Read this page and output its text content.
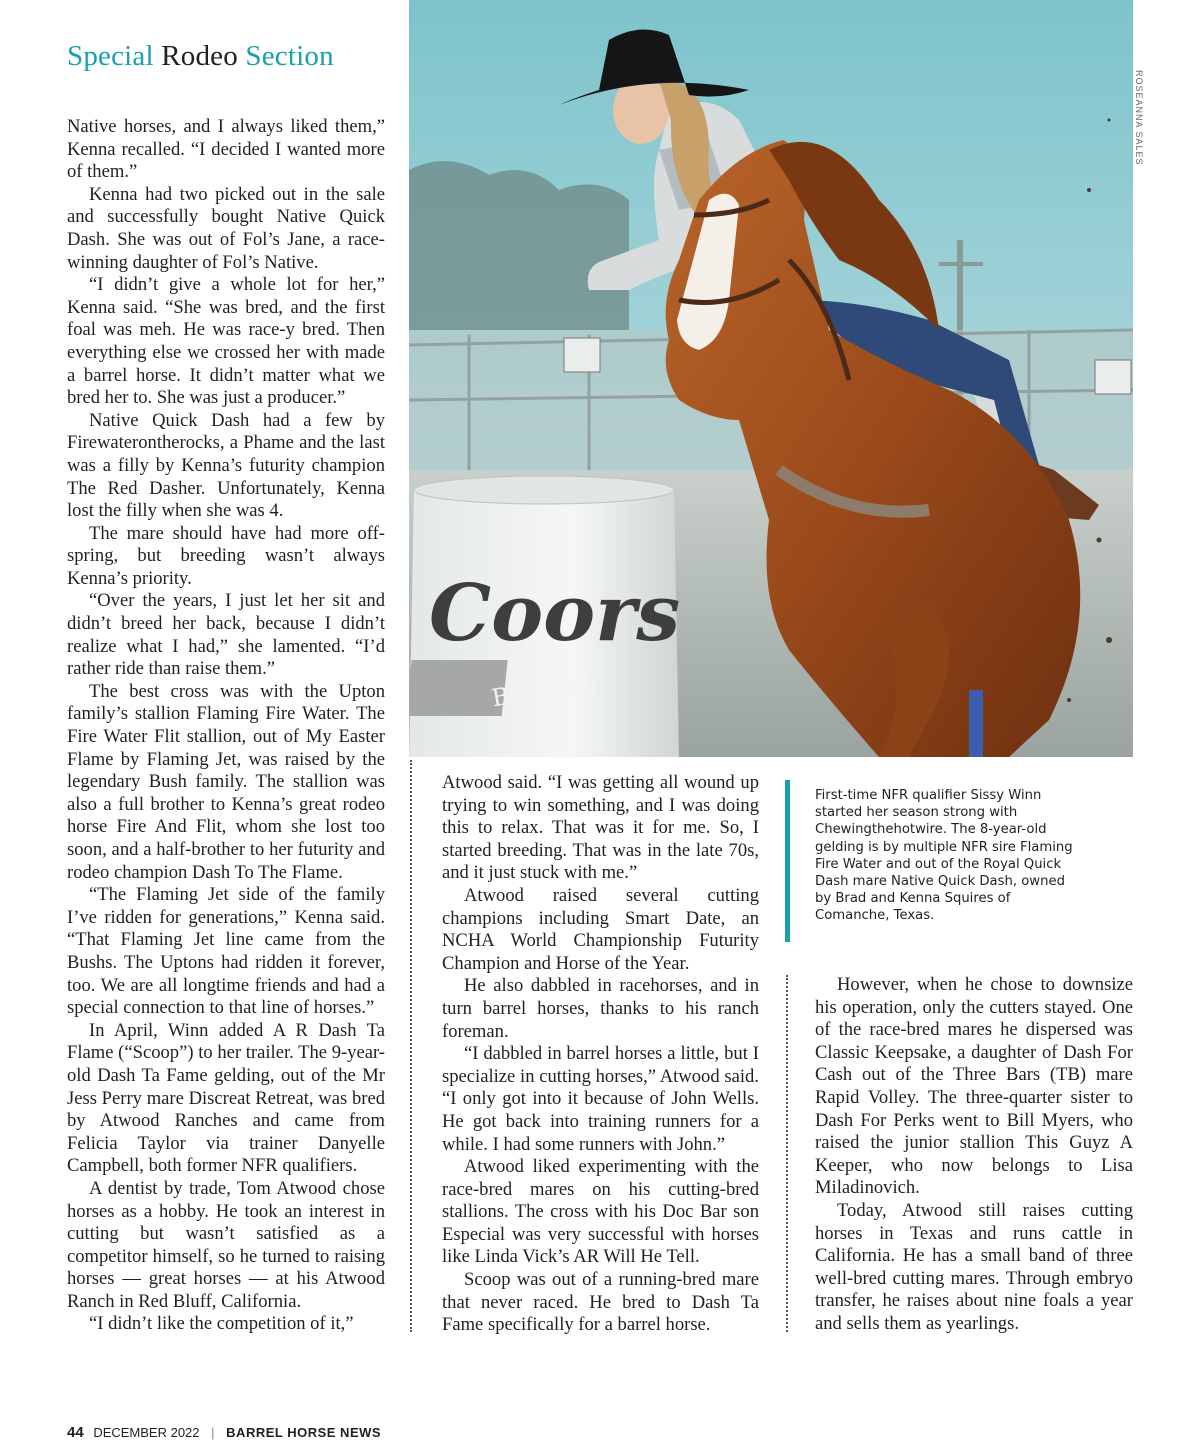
Special Rodeo Section

Native horses, and I always liked them,” Kenna recalled. “I decided I wanted more of them.”

Kenna had two picked out in the sale and successfully bought Native Quick Dash. She was out of Fol’s Jane, a race-winning daughter of Fol’s Native.

“I didn’t give a whole lot for her,” Kenna said. “She was bred, and the first foal was meh. He was race-y bred. Then everything else we crossed her with made a barrel horse. It didn’t matter what we bred her to. She was just a producer.”

Native Quick Dash had a few by Firewaterontherocks, a Phame and the last was a filly by Kenna’s futurity champion The Red Dasher. Unfortunately, Kenna lost the filly when she was 4.

The mare should have had more off-spring, but breeding wasn’t always Kenna’s priority.

“Over the years, I just let her sit and didn’t breed her back, because I didn’t realize what I had,” she lamented. “I’d rather ride than raise them.”

The best cross was with the Upton family’s stallion Flaming Fire Water. The Fire Water Flit stallion, out of My Easter Flame by Flaming Jet, was raised by the legendary Bush family. The stallion was also a full brother to Kenna’s great rodeo horse Fire And Flit, whom she lost too soon, and a half-brother to her futurity and rodeo champion Dash To The Flame.

“The Flaming Jet side of the family I’ve ridden for generations,” Kenna said. “That Flaming Jet line came from the Bushs. The Uptons had ridden it forever, too. We are all longtime friends and had a special connection to that line of horses.”

In April, Winn added A R Dash Ta Flame (“Scoop”) to her trailer. The 9-year-old Dash Ta Fame gelding, out of the Mr Jess Perry mare Discreat Retreat, was bred by Atwood Ranches and came from Felicia Taylor via trainer Danyelle Campbell, both former NFR qualifiers.

A dentist by trade, Tom Atwood chose horses as a hobby. He took an interest in cutting but wasn’t satisfied as a competitor himself, so he turned to raising horses — great horses — at his Atwood Ranch in Red Bluff, California.

“I didn’t like the competition of it,”

Coors
Banquet
ROSEANNA SALES

Atwood said. “I was getting all wound up trying to win something, and I was doing this to relax. That was it for me. So, I started breeding. That was in the late 70s, and it just stuck with me.”

Atwood raised several cutting champions including Smart Date, an NCHA World Championship Futurity Champion and Horse of the Year.

He also dabbled in racehorses, and in turn barrel horses, thanks to his ranch foreman.

“I dabbled in barrel horses a little, but I specialize in cutting horses,” Atwood said. “I only got into it because of John Wells. He got back into training runners for a while. I had some runners with John.”

Atwood liked experimenting with the race-bred mares on his cutting-bred stallions. The cross with his Doc Bar son Especial was very successful with horses like Linda Vick’s AR Will He Tell.

Scoop was out of a running-bred mare that never raced. He bred to Dash Ta Fame specifically for a barrel horse.

First-time NFR qualifier Sissy Winn started her season strong with Chewingthehotwire. The 8-year-old gelding is by multiple NFR sire Flaming Fire Water and out of the Royal Quick Dash mare Native Quick Dash, owned by Brad and Kenna Squires of Comanche, Texas.

However, when he chose to downsize his operation, only the cutters stayed. One of the race-bred mares he dispersed was Classic Keepsake, a daughter of Dash For Cash out of the Three Bars (TB) mare Rapid Volley. The three-quarter sister to Dash For Perks went to Bill Myers, who raised the junior stallion This Guyz A Keeper, who now belongs to Lisa Miladinovich.

Today, Atwood still raises cutting horses in Texas and runs cattle in California. He has a small band of three well-bred cutting mares. Through embryo transfer, he raises about nine foals a year and sells them as yearlings.

44 DECEMBER 2022 | BARREL HORSE NEWS
